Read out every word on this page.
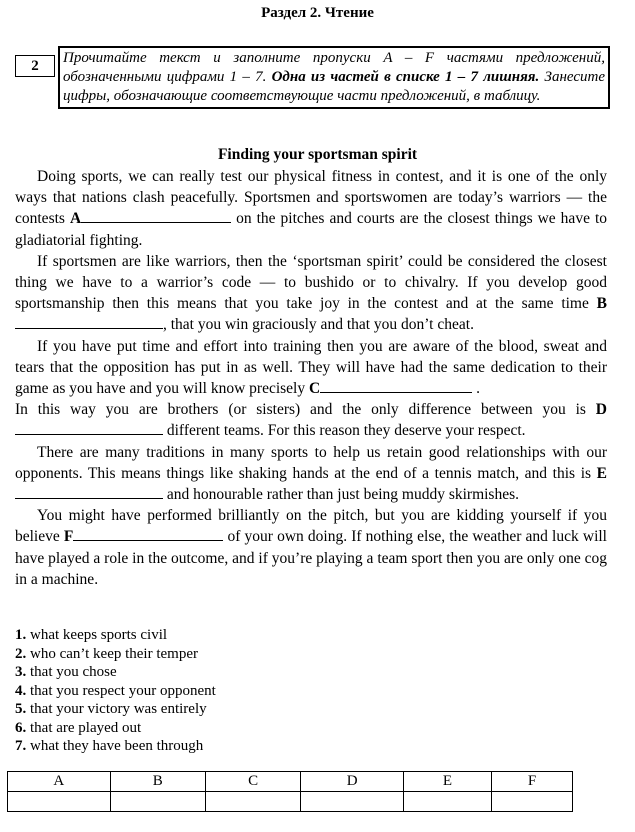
Раздел 2. Чтение
2	Прочитайте текст и заполните пропуски A – F частями предложений, обозначенными цифрами 1 – 7. Одна из частей в списке 1 – 7 лишняя. Занесите цифры, обозначающие соответствующие части предложений, в таблицу.
Finding your sportsman spirit

Doing sports, we can really test our physical fitness in contest, and it is one of the only ways that nations clash peacefully. Sportsmen and sportswomen are today’s warriors — the contests A	on the pitches and courts are the closest things we have to gladiatorial fighting.

If sportsmen are like warriors, then the ‘sportsman spirit’ could be considered the closest thing we have to a warrior’s code — to bushido or to chivalry. If you develop good sportsmanship then this means that you take joy in the contest and at the same time B, that you win graciously and that you don’t cheat.

If you have put time and effort into training then you are aware of the blood, sweat and tears that the opposition has put in as well. They will have had the same dedication to their game as you have and you will know precisely C	.

In this way you are brothers (or sisters) and the only difference between you is D different teams. For this reason they deserve your respect.

There are many traditions in many sports to help us retain good relationships with our opponents. This means things like shaking hands at the end of a tennis match, and this is E and honourable rather than just being muddy skirmishes.

You might have performed brilliantly on the pitch, but you are kidding yourself if you believe F	of your own doing. If nothing else, the weather and luck will have played a role in the outcome, and if you’re playing a team sport then you are only one cog in a machine.

1. what keeps sports civil
2. who can’t keep their temper
3. that you chose
4. that you respect your opponent
5. that your victory was entirely
6. that are played out
7. what they have been through
A	B	C	D	E	F
